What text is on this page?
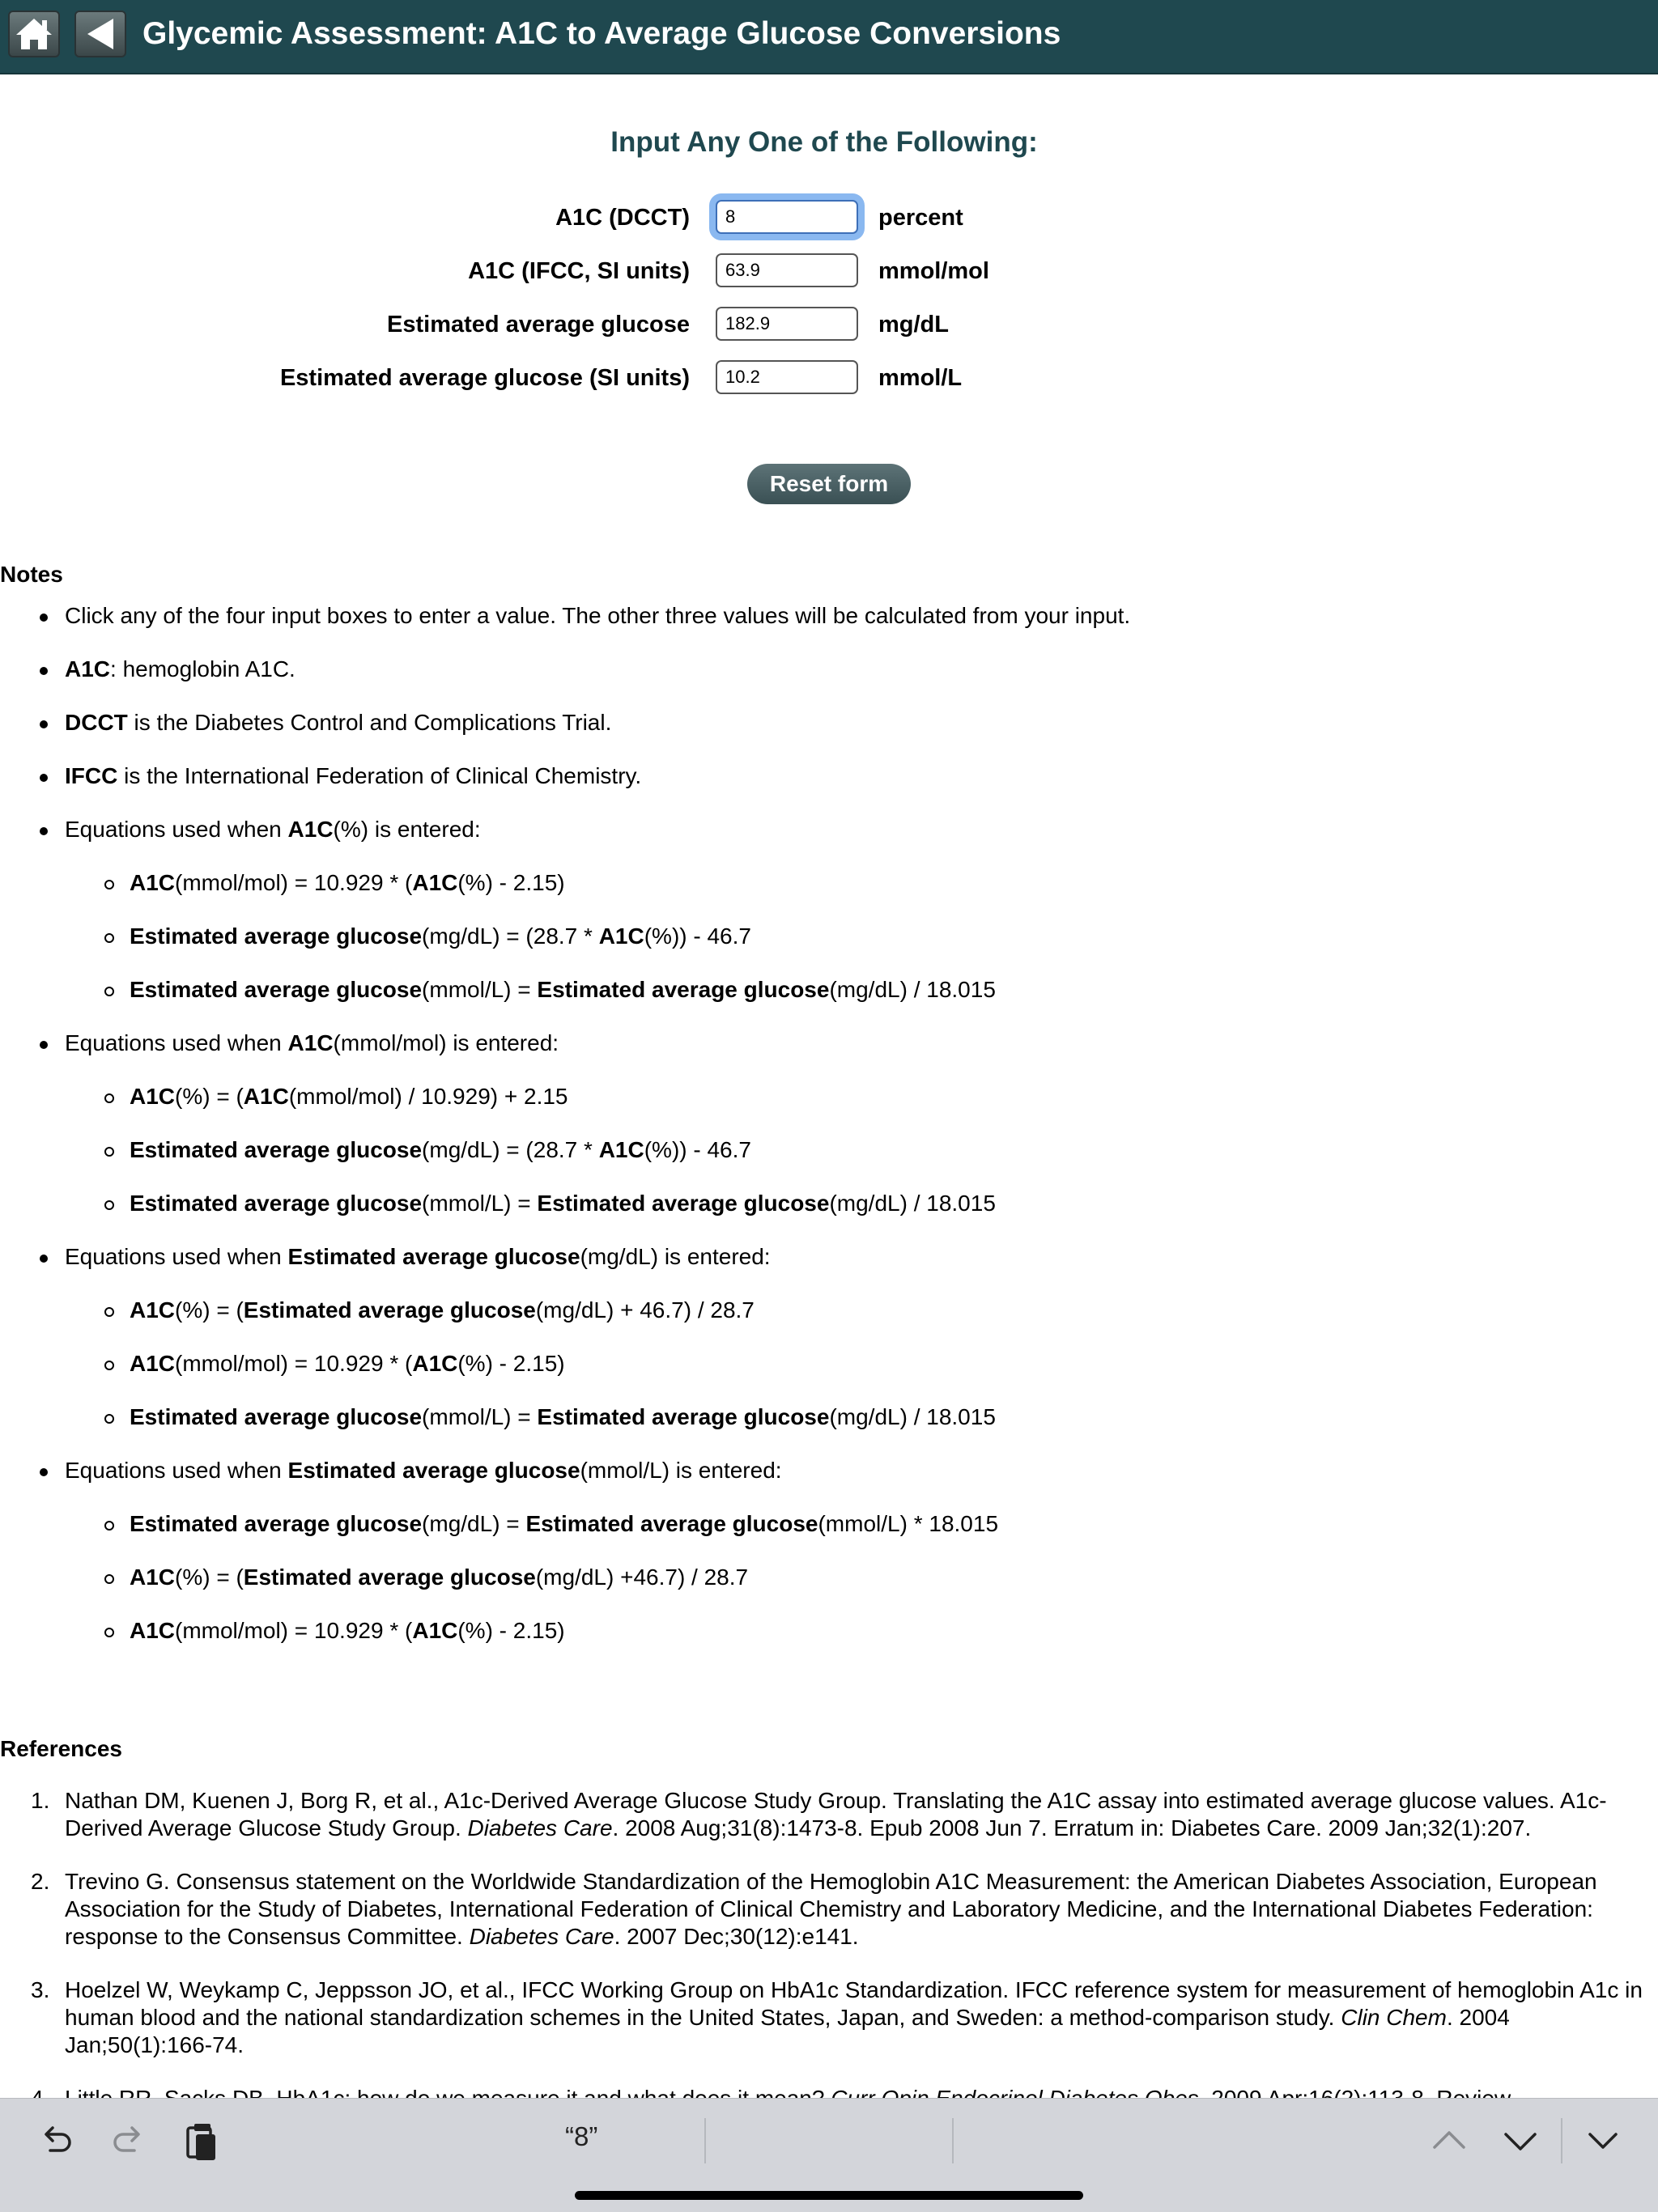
Glycemic Assessment: A1C to Average Glucose Conversions
Input Any One of the Following:
A1C (DCCT)
8	percent
A1C (IFCC, SI units)
63.9	mmol/mol
Estimated average glucose
182.9	mg/dL
Estimated average glucose (SI units)
10.2	mmol/L
Reset form
Notes
Click any of the four input boxes to enter a value. The other three values will be calculated from your input.
A1C: hemoglobin A1C.
DCCT is the Diabetes Control and Complications Trial.
IFCC is the International Federation of Clinical Chemistry.
Equations used when A1C(%) is entered:
A1C(mmol/mol) = 10.929 * (A1C(%) - 2.15)
Estimated average glucose(mg/dL) = (28.7 * A1C(%)) - 46.7
Estimated average glucose(mmol/L) = Estimated average glucose(mg/dL) / 18.015
Equations used when A1C(mmol/mol) is entered:
A1C(%) = (A1C(mmol/mol) / 10.929) + 2.15
Estimated average glucose(mg/dL) = (28.7 * A1C(%)) - 46.7
Estimated average glucose(mmol/L) = Estimated average glucose(mg/dL) / 18.015
Equations used when Estimated average glucose(mg/dL) is entered:
A1C(%) = (Estimated average glucose(mg/dL) + 46.7) / 28.7
A1C(mmol/mol) = 10.929 * (A1C(%) - 2.15)
Estimated average glucose(mmol/L) = Estimated average glucose(mg/dL) / 18.015
Equations used when Estimated average glucose(mmol/L) is entered:
Estimated average glucose(mg/dL) = Estimated average glucose(mmol/L) * 18.015
A1C(%) = (Estimated average glucose(mg/dL) +46.7) / 28.7
A1C(mmol/mol) = 10.929 * (A1C(%) - 2.15)
References
1. Nathan DM, Kuenen J, Borg R, et al., A1c-Derived Average Glucose Study Group. Translating the A1C assay into estimated average glucose values. A1c-Derived Average Glucose Study Group. Diabetes Care. 2008 Aug;31(8):1473-8. Epub 2008 Jun 7. Erratum in: Diabetes Care. 2009 Jan;32(1):207.
2. Trevino G. Consensus statement on the Worldwide Standardization of the Hemoglobin A1C Measurement: the American Diabetes Association, European Association for the Study of Diabetes, International Federation of Clinical Chemistry and Laboratory Medicine, and the International Diabetes Federation: response to the Consensus Committee. Diabetes Care. 2007 Dec;30(12):e141.
3. Hoelzel W, Weykamp C, Jeppsson JO, et al., IFCC Working Group on HbA1c Standardization. IFCC reference system for measurement of hemoglobin A1c in human blood and the national standardization schemes in the United States, Japan, and Sweden: a method-comparison study. Clin Chem. 2004 Jan;50(1):166-74.
“8”
